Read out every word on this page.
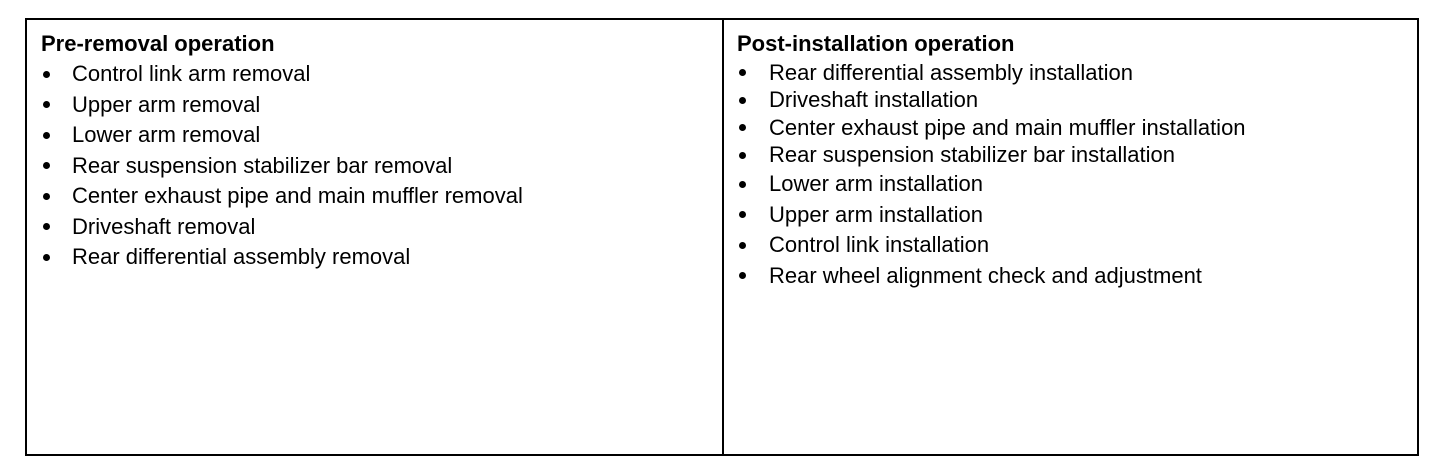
Pre-removal operation

Control link arm removal
Upper arm removal
Lower arm removal
Rear suspension stabilizer bar removal
Center exhaust pipe and main muffler removal
Driveshaft removal
Rear differential assembly removal

Post-installation operation

Rear differential assembly installation
Driveshaft installation
Center exhaust pipe and main muffler installation
Rear suspension stabilizer bar installation
Lower arm installation
Upper arm installation
Control link installation
Rear wheel alignment check and adjustment
